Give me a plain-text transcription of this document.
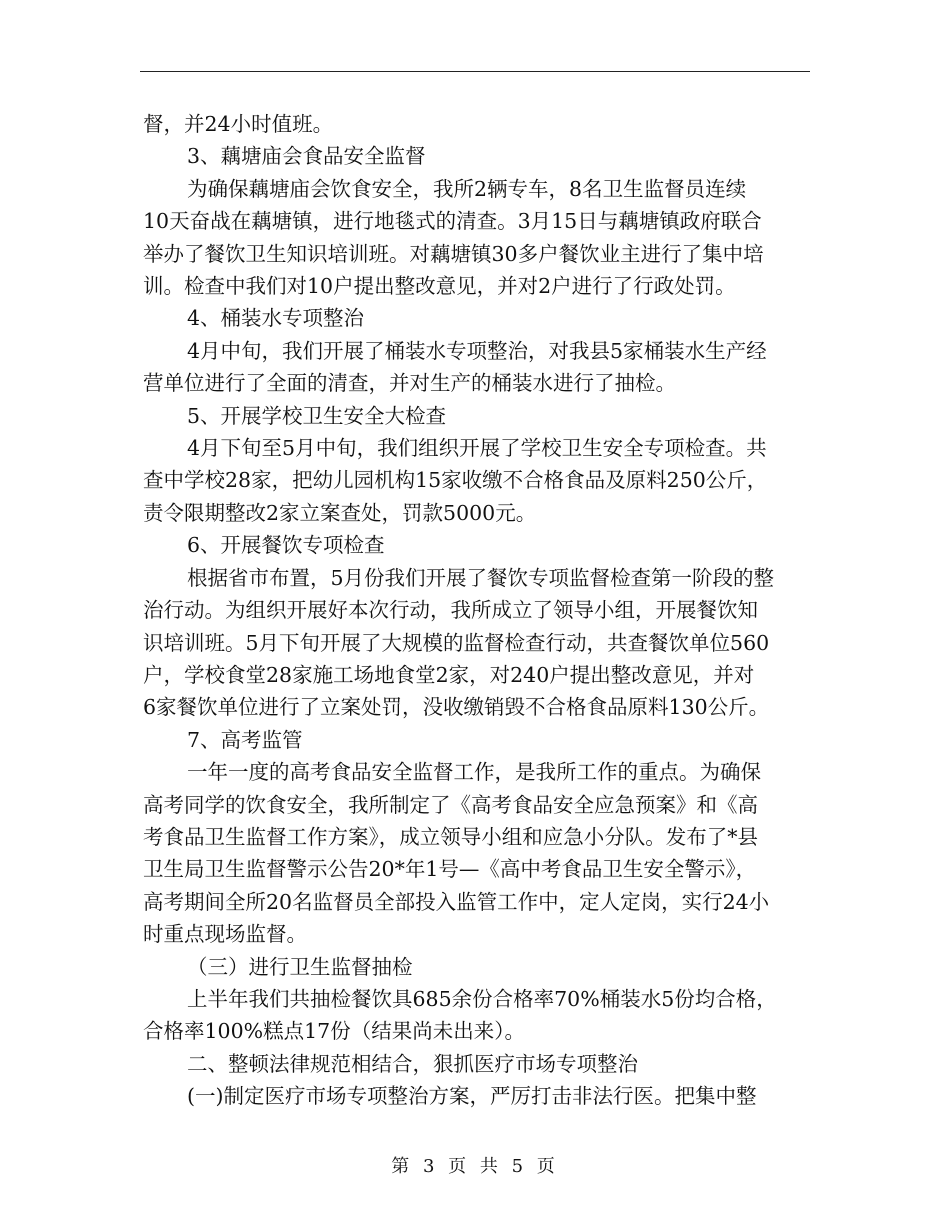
督，并24小时值班。

3、藕塘庙会食品安全监督

为确保藕塘庙会饮食安全，我所2辆专车，8名卫生监督员连续

10天奋战在藕塘镇，进行地毯式的清查。3月15日与藕塘镇政府联合

举办了餐饮卫生知识培训班。对藕塘镇30多户餐饮业主进行了集中培

训。检查中我们对10户提出整改意见，并对2户进行了行政处罚。

4、桶装水专项整治

4月中旬，我们开展了桶装水专项整治，对我县5家桶装水生产经

营单位进行了全面的清查，并对生产的桶装水进行了抽检。

5、开展学校卫生安全大检查

4月下旬至5月中旬，我们组织开展了学校卫生安全专项检查。共

查中学校28家，把幼儿园机构15家收缴不合格食品及原料250公斤，

责令限期整改2家立案查处，罚款5000元。

6、开展餐饮专项检查

根据省市布置，5月份我们开展了餐饮专项监督检查第一阶段的整

治行动。为组织开展好本次行动，我所成立了领导小组，开展餐饮知

识培训班。5月下旬开展了大规模的监督检查行动，共查餐饮单位560

户，学校食堂28家施工场地食堂2家，对240户提出整改意见，并对

6家餐饮单位进行了立案处罚，没收缴销毁不合格食品原料130公斤。

7、高考监管

一年一度的高考食品安全监督工作，是我所工作的重点。为确保

高考同学的饮食安全，我所制定了《高考食品安全应急预案》和《高

考食品卫生监督工作方案》，成立领导小组和应急小分队。发布了*县

卫生局卫生监督警示公告20*年1号—《高中考食品卫生安全警示》，

高考期间全所20名监督员全部投入监管工作中，定人定岗，实行24小

时重点现场监督。

（三）进行卫生监督抽检

上半年我们共抽检餐饮具685余份合格率70%桶装水5份均合格，

合格率100%糕点17份（结果尚未出来）。

二、整顿法律规范相结合，狠抓医疗市场专项整治

(一)制定医疗市场专项整治方案，严厉打击非法行医。把集中整

第 3 页 共 5 页
